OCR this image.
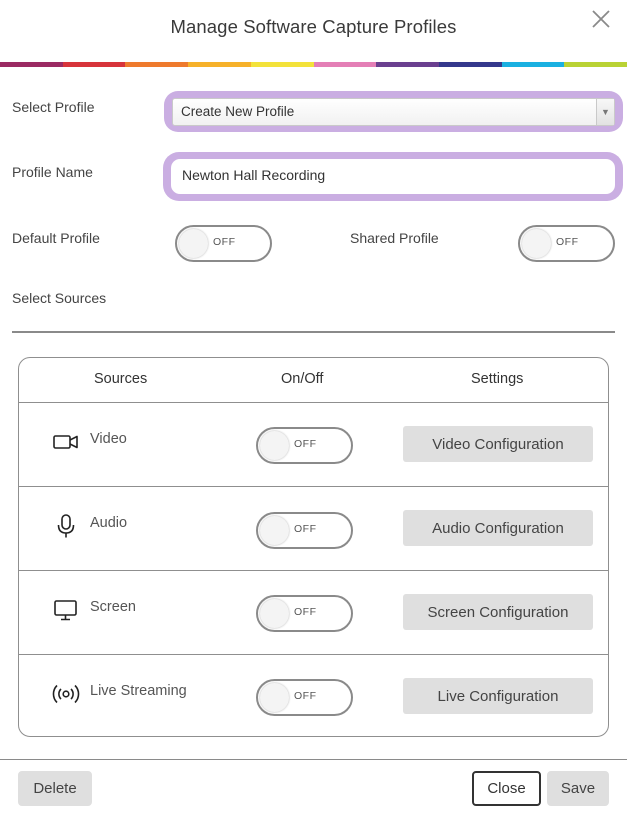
Manage Software Capture Profiles
Select Profile	Create New Profile	▼
Profile Name	Newton Hall Recording
Default Profile	OFF	Shared Profile	OFF
Select Sources
Sources	On/Off	Settings
Video	OFF	Video Configuration
Audio	OFF	Audio Configuration
Screen	OFF	Screen Configuration
Live Streaming	OFF	Live Configuration
Delete	Close	Save
